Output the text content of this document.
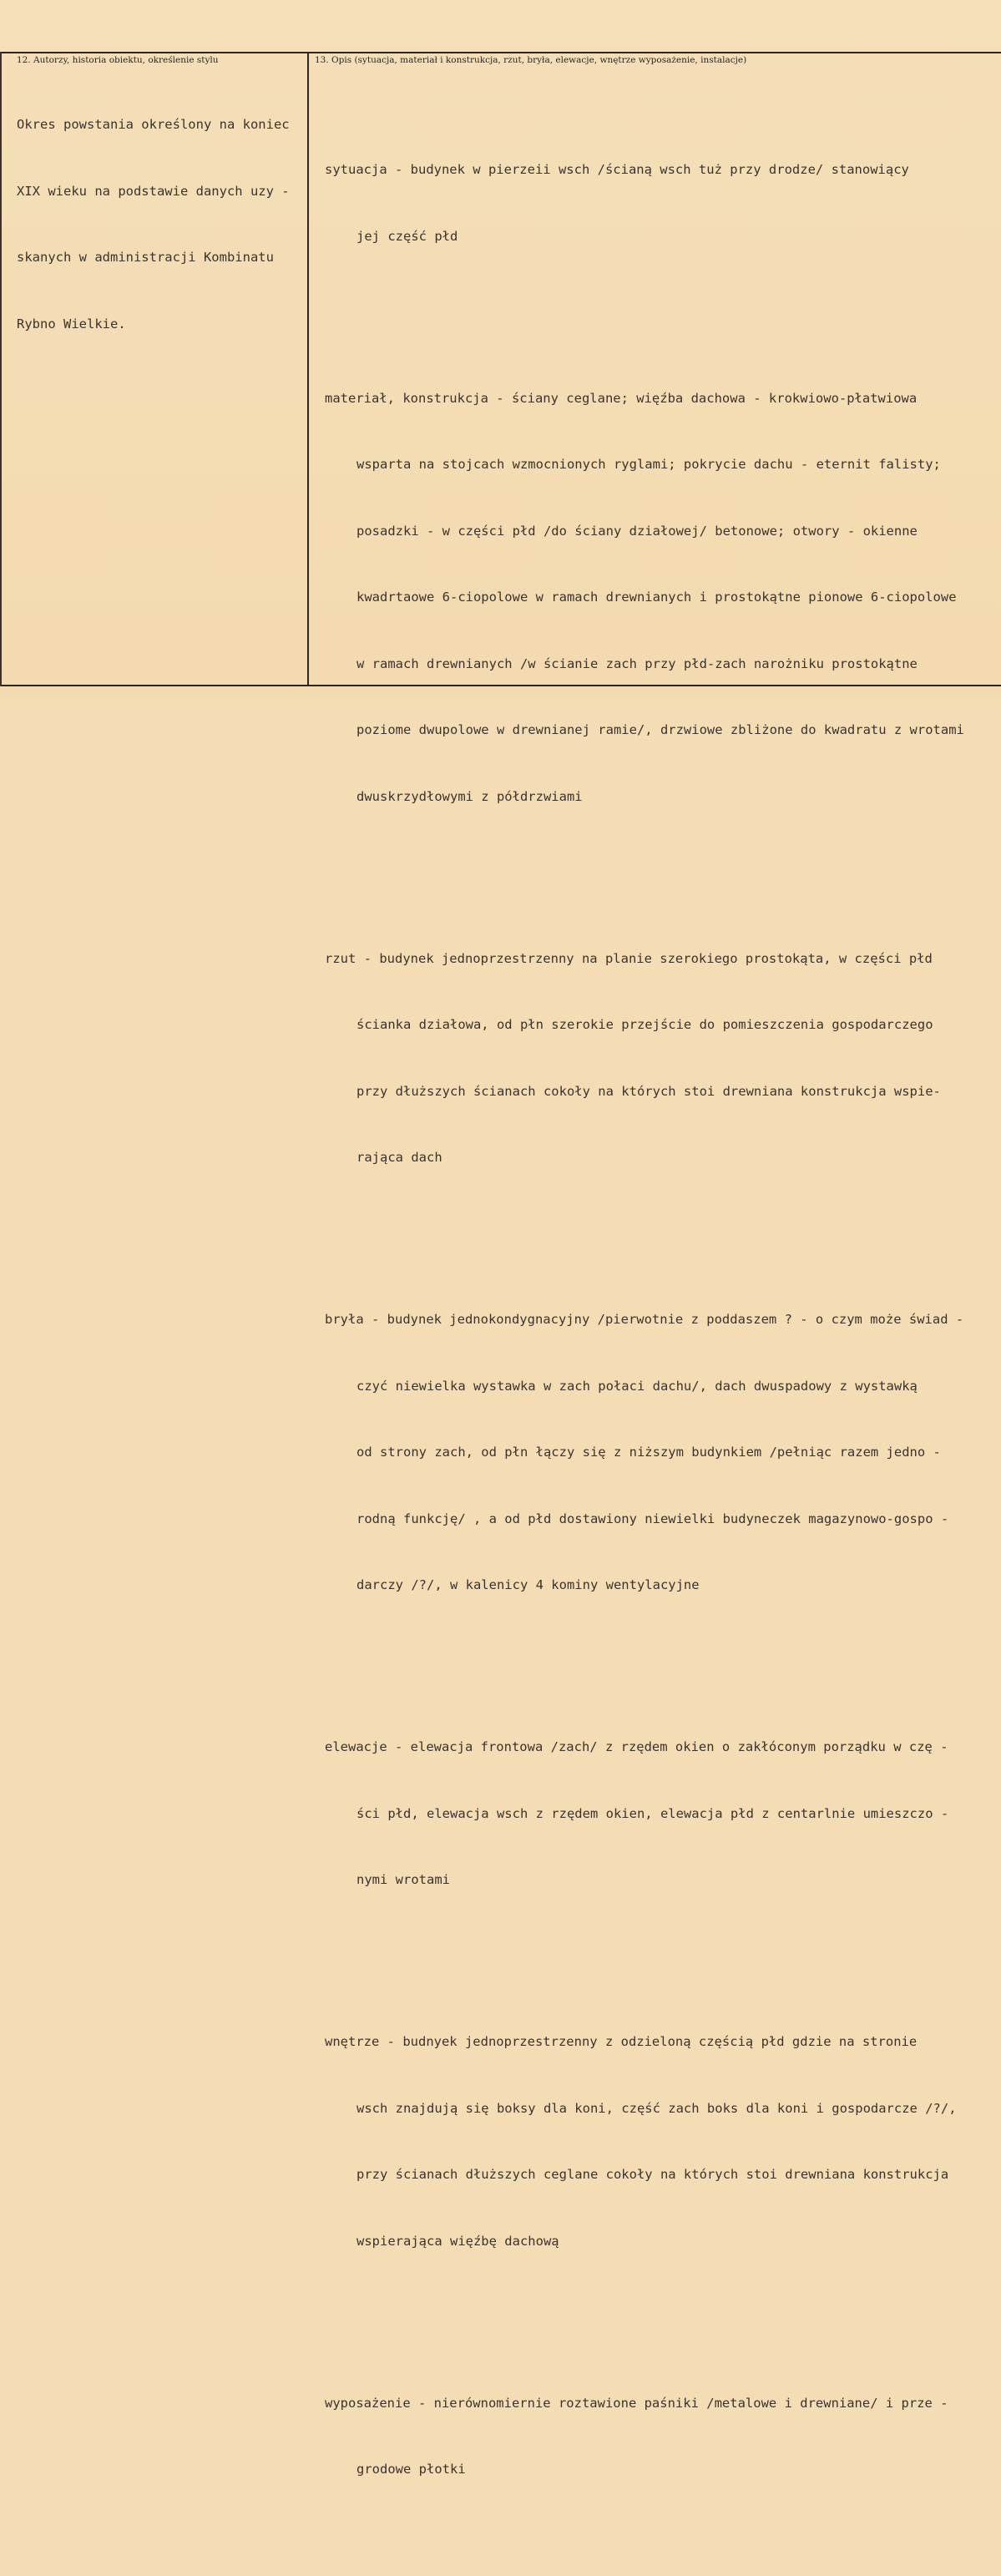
12. Autorzy, historia obiektu, określenie stylu	13. Opis (sytuacja, materiał i konstrukcja, rzut, bryła, elewacje, wnętrze wyposażenie, instalacje)

Okres powstania określony na koniec

XIX wieku na podstawie danych uzy -

skanych w administracji Kombinatu

Rybno Wielkie.

sytuacja - budynek w pierzeii wsch /ścianą wsch tuż przy drodze/ stanowiący

jej część płd

materiał, konstrukcja - ściany ceglane; więźba dachowa - krokwiowo-płatwiowa

wsparta na stojcach wzmocnionych ryglami; pokrycie dachu - eternit falisty;

posadzki - w części płd /do ściany działowej/ betonowe; otwory - okienne

kwadrtaowe 6-ciopolowe w ramach drewnianych i prostokątne pionowe 6-ciopolowe

w ramach drewnianych /w ścianie zach przy płd-zach narożniku prostokątne

poziome dwupolowe w drewnianej ramie/, drzwiowe zbliżone do kwadratu z wrotami

dwuskrzydłowymi z półdrzwiami

rzut - budynek jednoprzestrzenny na planie szerokiego prostokąta, w części płd

ścianka działowa, od płn szerokie przejście do pomieszczenia gospodarczego

przy dłuższych ścianach cokoły na których stoi drewniana konstrukcja wspie-

rająca dach

bryła - budynek jednokondygnacyjny /pierwotnie z poddaszem ? - o czym może świad -

czyć niewielka wystawka w zach połaci dachu/, dach dwuspadowy z wystawką

od strony zach, od płn łączy się z niższym budynkiem /pełniąc razem jedno -

rodną funkcję/ , a od płd dostawiony niewielki budyneczek magazynowo-gospo -

darczy /?/, w kalenicy 4 kominy wentylacyjne

elewacje - elewacja frontowa /zach/ z rzędem okien o zakłóconym porządku w czę -

ści płd, elewacja wsch z rzędem okien, elewacja płd z centarlnie umieszczo -

nymi wrotami

wnętrze - budnyek jednoprzestrzenny z odzieloną częścią płd gdzie na stronie

wsch znajdują się boksy dla koni, część zach boks dla koni i gospodarcze /?/,

przy ścianach dłuższych ceglane cokoły na których stoi drewniana konstrukcja

wspierająca więźbę dachową

wyposażenie - nierównomiernie roztawione paśniki /metalowe i drewniane/ i prze -

grodowe płotki
